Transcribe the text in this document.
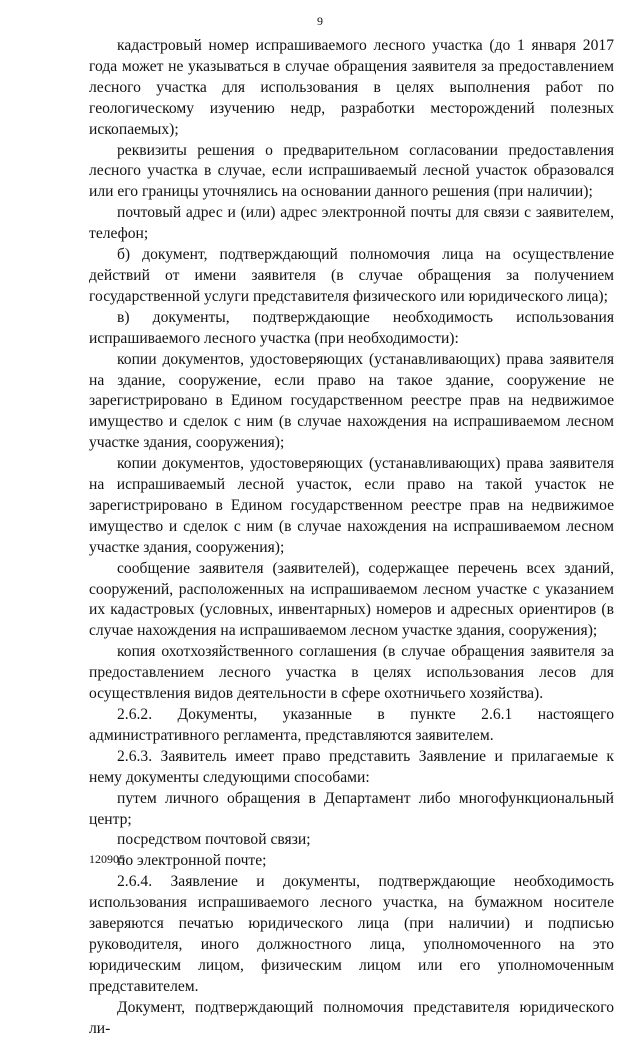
9

кадастровый номер испрашиваемого лесного участка (до 1 января 2017 года может не указываться в случае обращения заявителя за предоставлением лесного участка для использования в целях выполнения работ по геологическому изучению недр, разработки месторождений полезных ископаемых);

реквизиты решения о предварительном согласовании предоставления лесного участка в случае, если испрашиваемый лесной участок образовался или его границы уточнялись на основании данного решения (при наличии);

почтовый адрес и (или) адрес электронной почты для связи с заявителем, телефон;

б) документ, подтверждающий полномочия лица на осуществление действий от имени заявителя (в случае обращения за получением государственной услуги представителя физического или юридического лица);

в) документы, подтверждающие необходимость использования испрашиваемого лесного участка (при необходимости):

копии документов, удостоверяющих (устанавливающих) права заявителя на здание, сооружение, если право на такое здание, сооружение не зарегистрировано в Едином государственном реестре прав на недвижимое имущество и сделок с ним (в случае нахождения на испрашиваемом лесном участке здания, сооружения);

копии документов, удостоверяющих (устанавливающих) права заявителя на испрашиваемый лесной участок, если право на такой участок не зарегистрировано в Едином государственном реестре прав на недвижимое имущество и сделок с ним (в случае нахождения на испрашиваемом лесном участке здания, сооружения);

сообщение заявителя (заявителей), содержащее перечень всех зданий, сооружений, расположенных на испрашиваемом лесном участке с указанием их кадастровых (условных, инвентарных) номеров и адресных ориентиров (в случае нахождения на испрашиваемом лесном участке здания, сооружения);

копия охотхозяйственного соглашения (в случае обращения заявителя за предоставлением лесного участка в целях использования лесов для осуществления видов деятельности в сфере охотничьего хозяйства).

2.6.2. Документы, указанные в пункте 2.6.1 настоящего административного регламента, представляются заявителем.

2.6.3. Заявитель имеет право представить Заявление и прилагаемые к нему документы следующими способами:

путем личного обращения в Департамент либо многофункциональный центр;

посредством почтовой связи;

по электронной почте;

2.6.4. Заявление и документы, подтверждающие необходимость использования испрашиваемого лесного участка, на бумажном носителе заверяются печатью юридического лица (при наличии) и подписью руководителя, иного должностного лица, уполномоченного на это юридическим лицом, физическим лицом или его уполномоченным представителем.

Документ, подтверждающий полномочия представителя юридического ли-

120905
